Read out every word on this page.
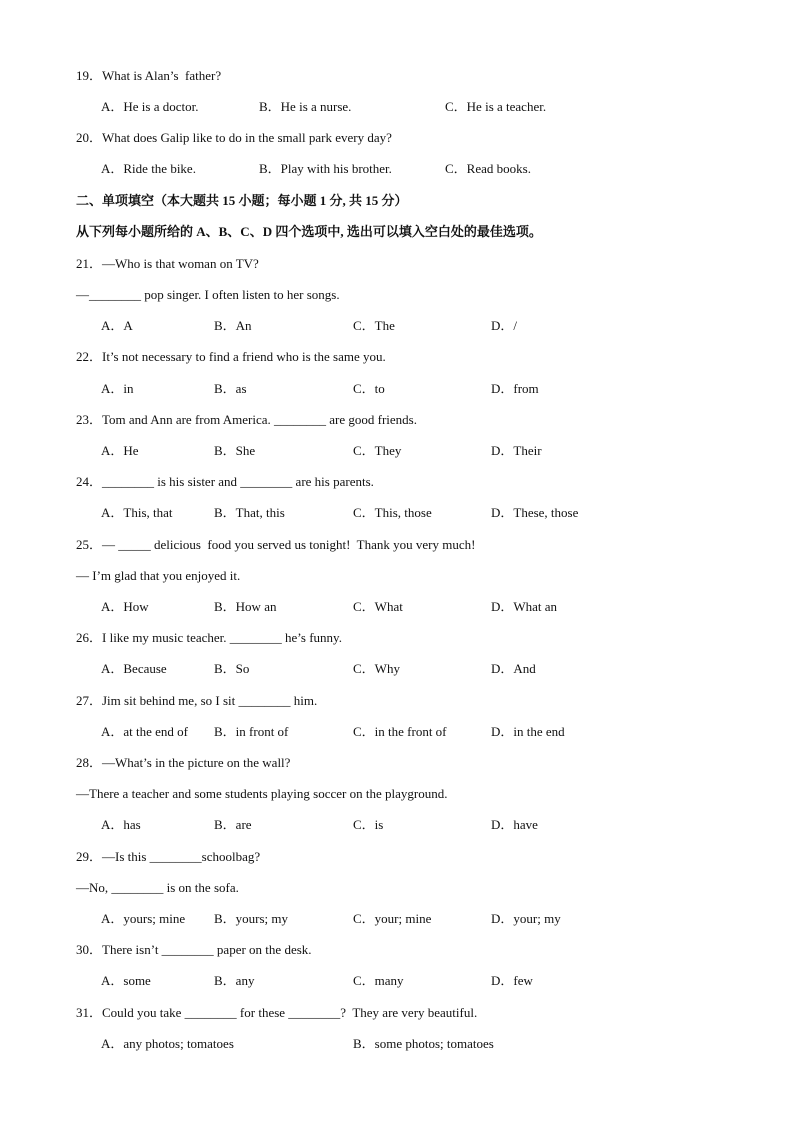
19．What is Alan’s  father?

A．He is a doctor.

	B．He is a nurse.

	C．He is a teacher.

20．What does Galip like to do in the small park every day?

A．Ride the bike.

	B．Play with his brother.

	C．Read books.

二、单项填空（本大题共 15 小题；每小题 1 分, 共 15 分）
从下列每小题所给的 A、B、C、D 四个选项中, 选出可以填入空白处的最佳选项。
21．—Who is that woman on TV?
—________ pop singer. I often listen to her songs.

A．A

	B．An

	C．The

	D．/

22．It’s not necessary to find a friend who is the same you.

A．in

	B．as

	C．to

	D．from

23．Tom and Ann are from America. ________ are good friends.

A．He

	B．She

	C．They

	D．Their

24．________ is his sister and ________ are his parents.

A．This, that

	B．That, this

	C．This, those

	D．These, those

25．— _____ delicious  food you served us tonight!  Thank you very much!
— I’m glad that you enjoyed it.

A．How

	B．How an

	C．What

	D．What an

26．I like my music teacher. ________ he’s funny.

A．Because

	B．So

	C．Why

	D．And

27．Jim sit behind me, so I sit ________ him.

A．at the end of

B．in front of

	C．in the front of

	D．in the end

28．—What’s in the picture on the wall?
—There a teacher and some students playing soccer on the playground.

A．has

	B．are

	C．is

	D．have

29．—Is this ________schoolbag?
—No, ________ is on the sofa.

A．yours; mine

B．yours; my

	C．your; mine

	D．your; my

30．There isn’t ________ paper on the desk.

A．some

	B．any

	C．many

	D．few

31．Could you take ________ for these ________?  They are very beautiful.

A．any photos; tomatoes

	B．some photos; tomatoes
